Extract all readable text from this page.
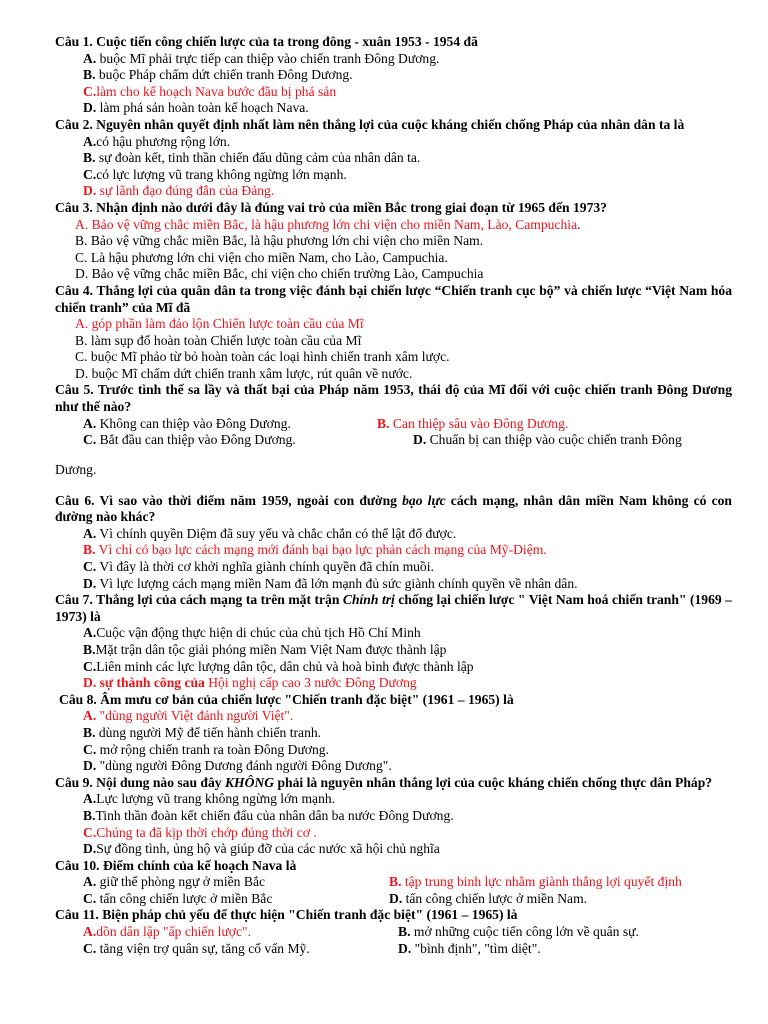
Câu 1. Cuộc tiến công chiến lược của ta trong đông - xuân 1953 - 1954 đã

A. buộc Mĩ phải trực tiếp can thiệp vào chiến tranh Đông Dương.

B. buộc Pháp chấm dứt chiến tranh Đông Dương.

C.làm cho kế hoạch Nava bước đầu bị phá sản

D. làm phá sản hoàn toàn kế hoạch Nava.

Câu 2. Nguyên nhân quyết định nhất làm nên thắng lợi của cuộc kháng chiến chống Pháp của nhân dân ta là

A.có hậu phương rộng lớn.

B. sự đoàn kết, tinh thần chiến đấu dũng cảm của nhân dân ta.

C.có lực lượng vũ trang không ngừng lớn mạnh.

D. sự lãnh đạo đúng đắn của Đảng.

Câu 3. Nhận định nào dưới đây là đúng vai trò của miền Bắc trong giai đoạn từ 1965 đến 1973?

A. Bảo vệ vững chắc miền Bắc, là hậu phương lớn chi viện cho miền Nam, Lào, Campuchia.

B. Bảo vệ vững chắc miền Bắc, là hậu phương lớn chi viện cho miền Nam.

C. Là hậu phương lớn chi viện cho miền Nam, cho Lào, Campuchia.

D. Bảo vệ vững chắc miền Bắc, chi viện cho chiến trường Lào, Campuchia

Câu 4. Thắng lợi của quân dân ta trong việc đánh bại chiến lược “Chiến tranh cục bộ” và chiến lược “Việt Nam hóa chiến tranh” của Mĩ đã

A. góp phần làm đảo lộn Chiến lược toàn cầu của Mĩ

B. làm sụp đổ hoàn toàn Chiến lược toàn cầu của Mĩ

C. buộc Mĩ phảo từ bỏ hoàn toàn các loại hình chiến tranh xâm lược.

D. buộc Mĩ chấm dứt chiến tranh xâm lược, rút quân về nước.

Câu 5. Trước tình thế sa lầy và thất bại của Pháp năm 1953, thái độ của Mĩ đối với cuộc chiến tranh Đông Dương như thế nào?

A. Không can thiệp vào Đông Dương.	B. Can thiệp sâu vào Đông Dương.
C. Bắt đầu can thiệp vào Đông Dương.	D. Chuẩn bị can thiệp vào cuộc chiến tranh Đông

Dương.

Câu 6. Vì sao vào thời điểm năm 1959, ngoài con đường bạo lực cách mạng, nhân dân miền Nam không có con đường nào khác?

A. Vì chính quyền Diệm đã suy yếu và chắc chắn có thể lật đổ được.

B. Vì chỉ có bạo lực cách mạng mới đánh bại bạo lực phản cách mạng của Mỹ-Diệm.

C. Vì đây là thời cơ khởi nghĩa giành chính quyền đã chín muồi.

D. Vì lực lượng cách mạng miền Nam đã lớn mạnh đủ sức giành chính quyền về nhân dân.

Câu 7. Thắng lợi của cách mạng ta trên mặt trận Chính trị chống lại chiến lược " Việt Nam hoá chiến tranh" (1969 – 1973) là

A.Cuộc vận động thực hiện di chúc của chủ tịch Hồ Chí Minh

B.Mặt trận dân tộc giải phóng miền Nam Việt Nam được thành lập

C.Liên minh các lực lượng dân tộc, dân chủ và hoà bình được thành lập

D. sự thành công của Hội nghị cấp cao 3 nước Đông Dương

Câu 8. Âm mưu cơ bản của chiến lược "Chiến tranh đặc biệt" (1961 – 1965) là

A. "dùng người Việt đánh người Việt".

B. dùng người Mỹ để tiến hành chiến tranh.

C. mở rộng chiến tranh ra toàn Đông Dương.

D. "dùng người Đông Dương đánh người Đông Dương".

Câu 9. Nội dung nào sau đây KHÔNG phải là nguyên nhân thắng lợi của cuộc kháng chiến chống thực dân Pháp?

A.Lực lượng vũ trang không ngừng lớn mạnh.

B.Tinh thần đoàn kết chiến đấu của nhân dân ba nước Đông Dương.

C.Chúng ta đã kịp thời chớp đúng thời cơ .

D.Sự đồng tình, ủng hộ và giúp đỡ của các nước xã hội chủ nghĩa

Câu 10. Điểm chính của kế hoạch Nava là

A. giữ thế phòng ngự ở miền Bắc	B. tập trung binh lực nhằm giành thắng lợi quyết định
C. tấn công chiến lược ở miền Bắc	D. tấn công chiến lược ở miền Nam.

Câu 11. Biện pháp chủ yếu để thực hiện "Chiến tranh đặc biệt" (1961 – 1965) là

A.dồn dân lập "ấp chiến lược".	B. mở những cuộc tiến công lớn về quân sự.
C. tăng viện trợ quân sự, tăng cố vấn Mỹ.	D. "bình định", "tìm diệt".
